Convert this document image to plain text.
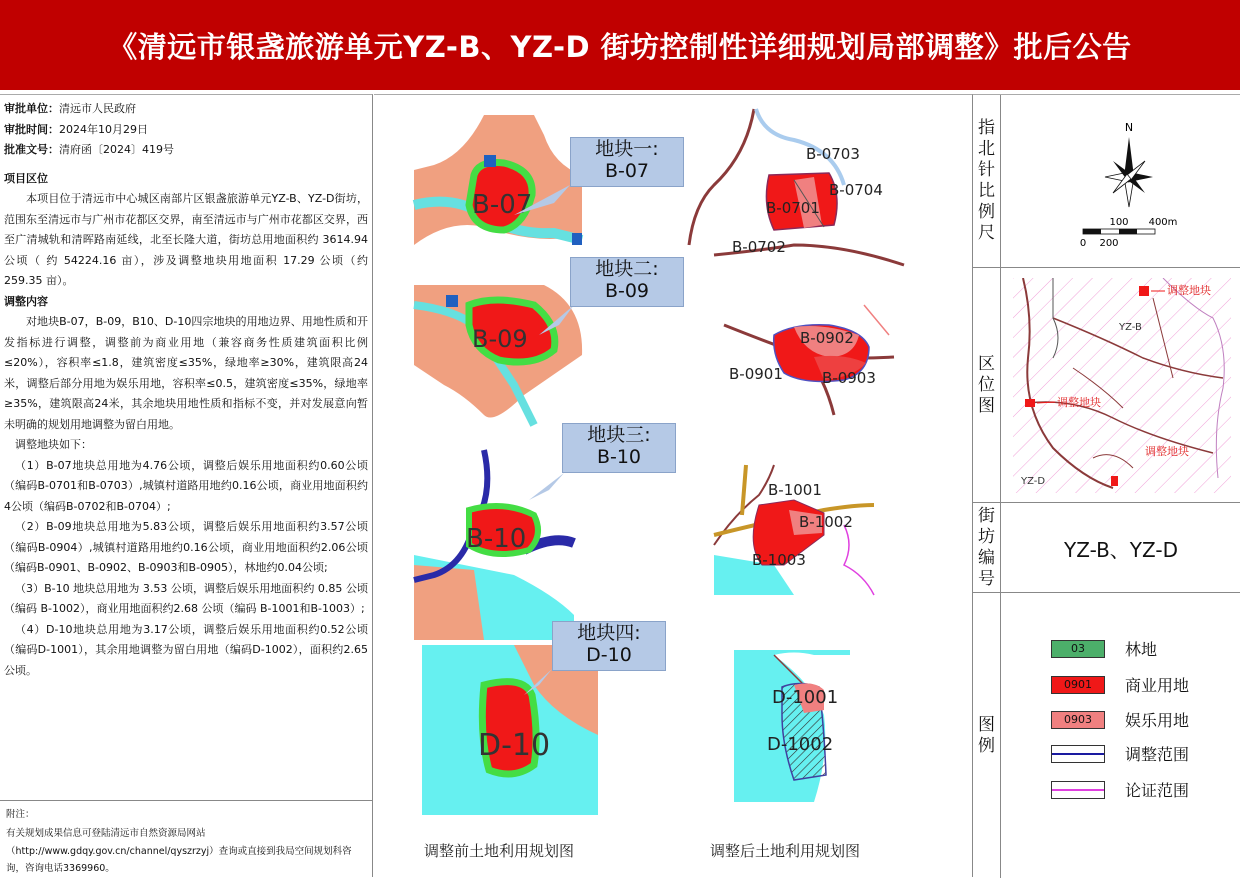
《清远市银盏旅游单元YZ-B、YZ-D 街坊控制性详细规划局部调整》批后公告
审批单位：清远市人民政府
审批时间：2024年10月29日
批准文号：清府函〔2024〕419号
项目区位

本项目位于清远市中心城区南部片区银盏旅游单元YZ-B、YZ-D街坊，范围东至清远市与广州市花都区交界，南至清远市与广州市花都区交界，西至广清城轨和清晖路南延线，北至长隆大道，街坊总用地面积约 3614.94 公顷（ 约 54224.16 亩），涉及调整地块用地面积 17.29 公顷（约 259.35 亩）。

调整内容

对地块B-07，B-09，B10、D-10四宗地块的用地边界、用地性质和开发指标进行调整，调整前为商业用地（兼容商务性质建筑面积比例≤20%），容积率≤1.8，建筑密度≤35%，绿地率≥30%，建筑限高24米，调整后部分用地为娱乐用地，容积率≤0.5，建筑密度≤35%，绿地率≥35%，建筑限高24米，其余地块用地性质和指标不变，并对发展意向暂未明确的规划用地调整为留白用地。

调整地块如下：
（1）B-07地块总用地为4.76公顷，调整后娱乐用地面积约0.60公顷（编码B-0701和B-0703）,城镇村道路用地约0.16公顷，商业用地面积约4公顷（编码B-0702和B-0704）;
（2）B-09地块总用地为5.83公顷，调整后娱乐用地面积约3.57公顷（编码B-0904）,城镇村道路用地约0.16公顷，商业用地面积约2.06公顷（编码B-0901、B-0902、B-0903和B-0905），林地约0.04公顷;
（3）B-10 地块总用地为 3.53 公顷，调整后娱乐用地面积约 0.85 公顷（编码 B-1002），商业用地面积约2.68 公顷（编码 B-1001和B-1003）;
（4）D-10地块总用地为3.17公顷，调整后娱乐用地面积约0.52公顷（编码D-1001），其余用地调整为留白用地（编码D-1002），面积约2.65公顷。
附注：
有关规划成果信息可登陆清远市自然资源局网站
（http://www.gdqy.gov.cn/channel/qyszrzyj）查询或直接到我局空间规划科咨询，咨询电话3369960。
B-07
B-09
B-10
D-10
B-0703
B-0704
B-0701
B-0702
B-0902
B-0901	B-0903
B-1001
B-1002
B-1003
D-1001
D-1002
地块一:
B-07
地块二:
B-09
地块三:
B-10
地块四:
D-10
调整前土地利用规划图	调整后土地利用规划图
指北针比例尺
N
100 400m
0 200
区位图
调整地块
调整地块
调整地块
YZ-B
YZ-D
街坊编号
YZ-B、YZ-D
图例
03	林地
0901	商业用地
0903	娱乐用地
调整范围
论证范围
